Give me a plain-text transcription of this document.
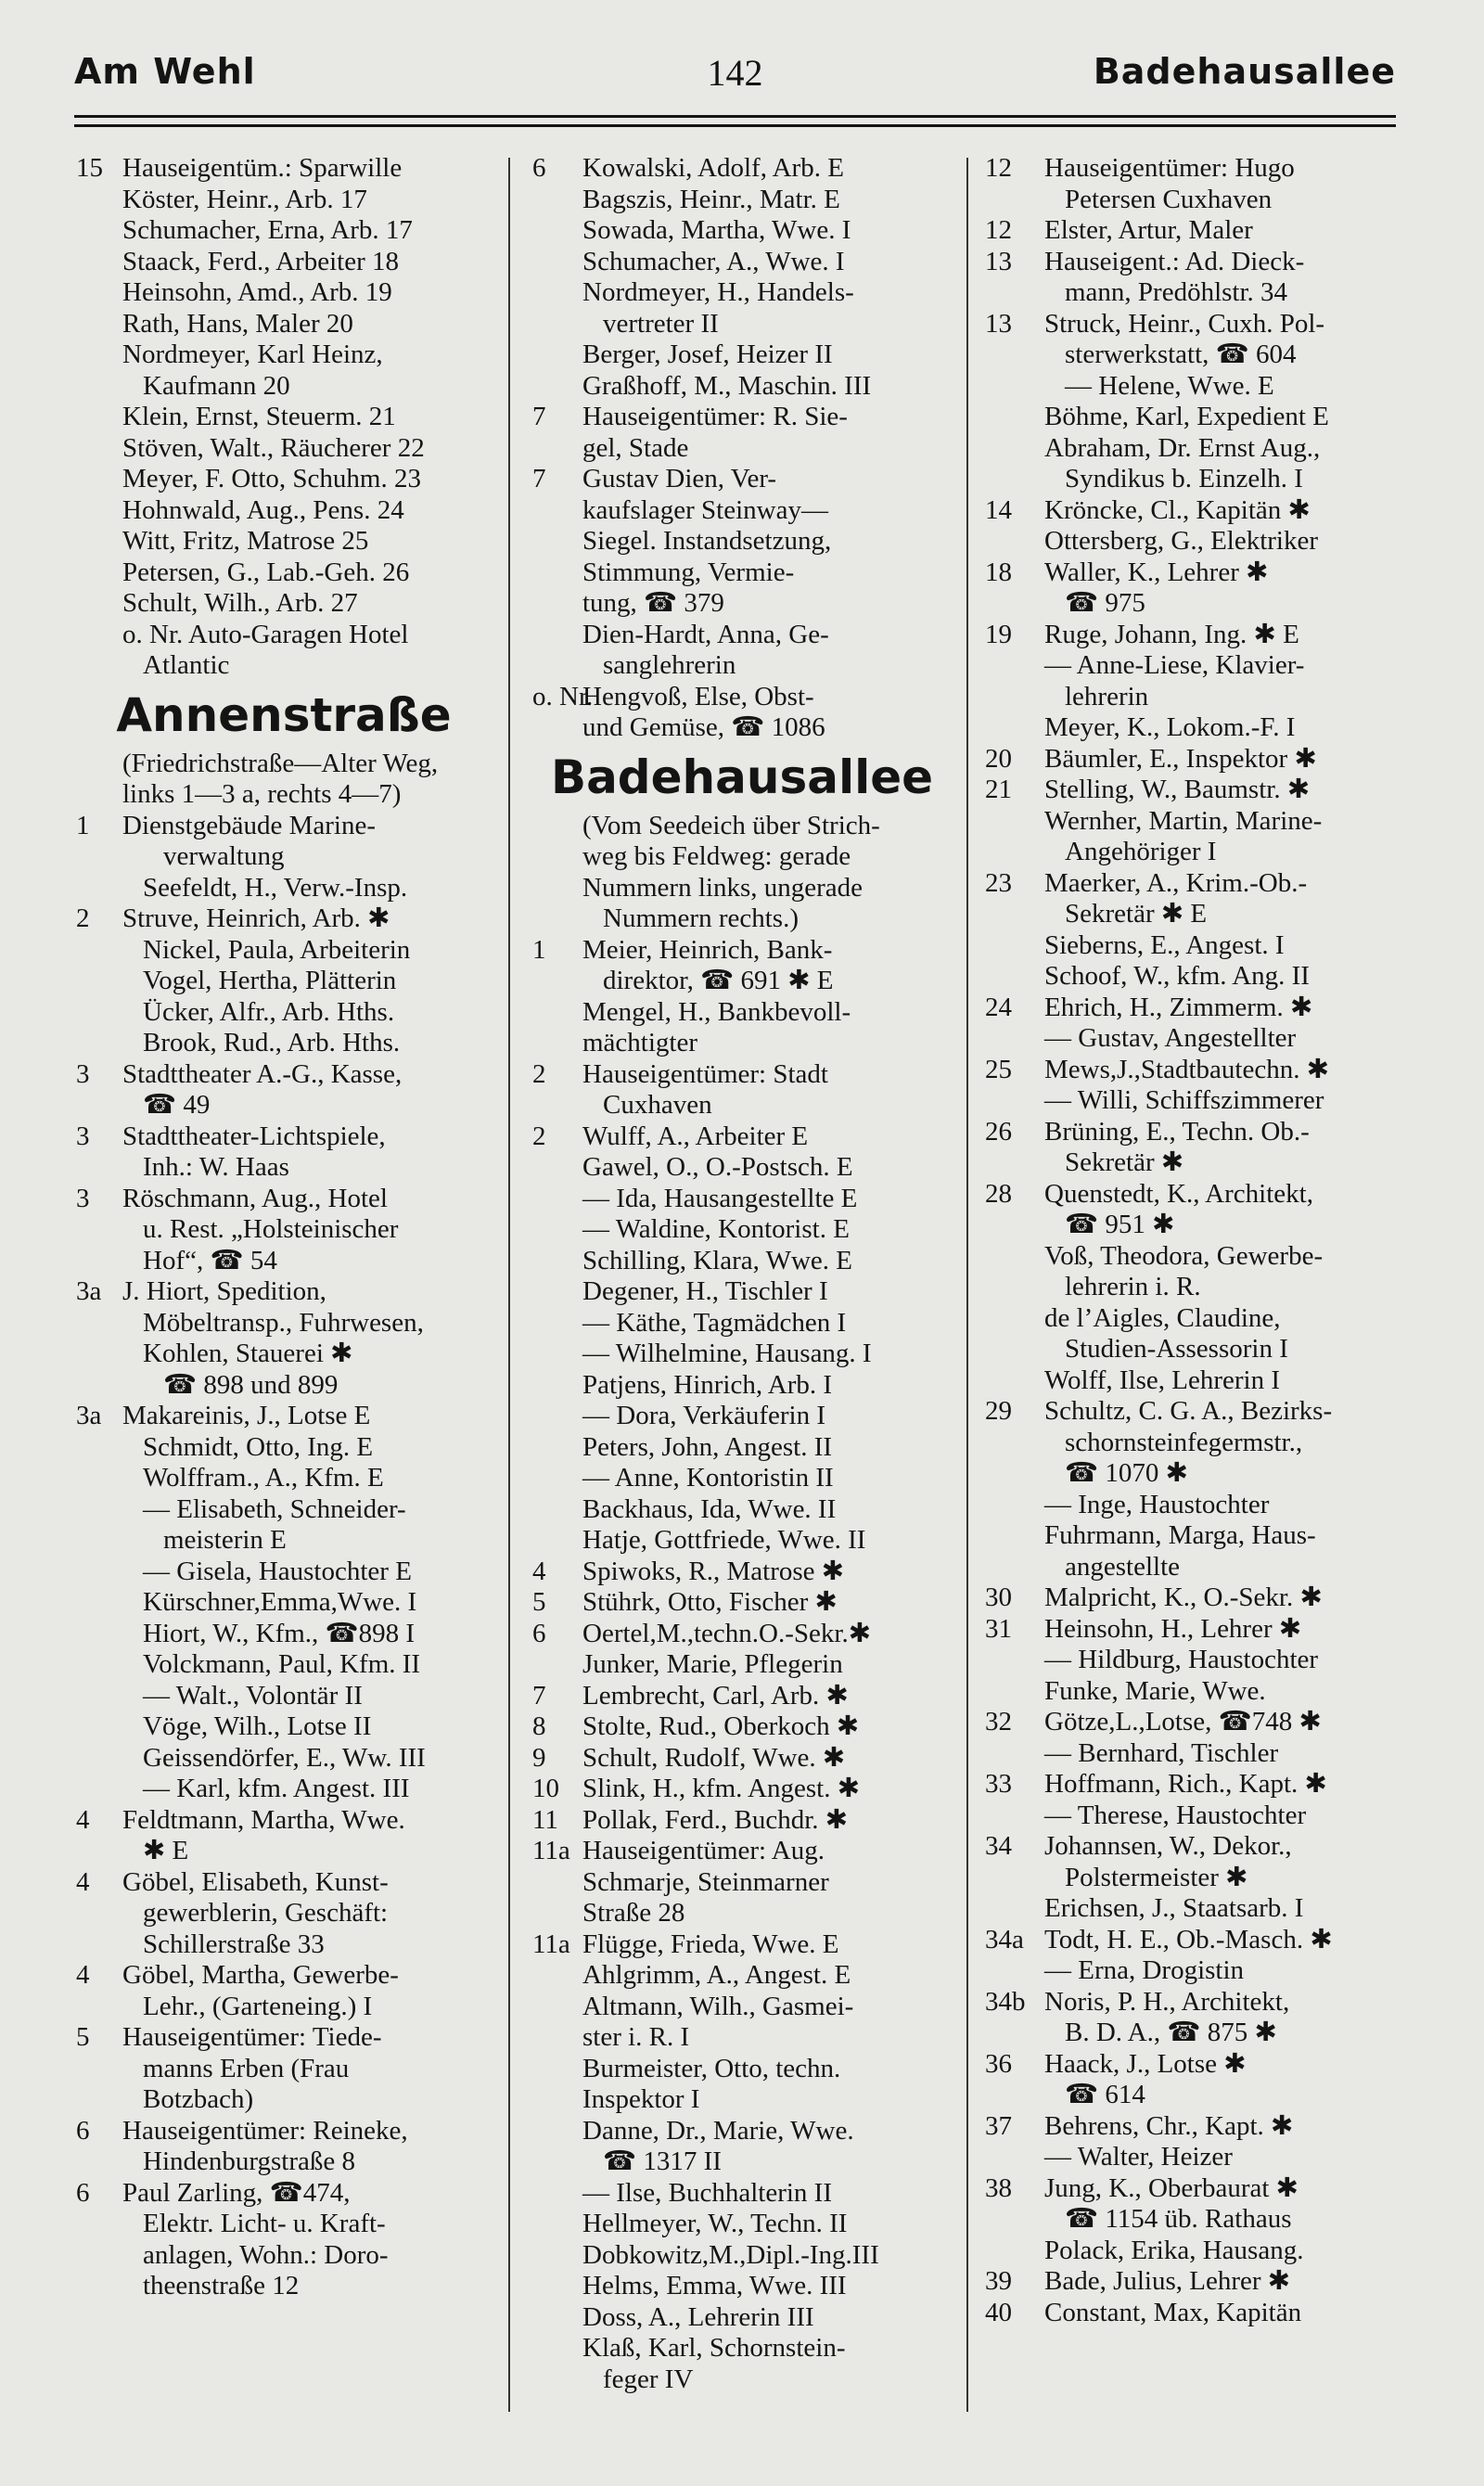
Am Wehl	142	Badehausallee
15 Hauseigentüm.: Sparwille
Köster, Heinr., Arb. 17
Schumacher, Erna, Arb. 17
Staack, Ferd., Arbeiter 18
Heinsohn, Amd., Arb. 19
Rath, Hans, Maler 20
Nordmeyer, Karl Heinz,
Kaufmann 20
Klein, Ernst, Steuerm. 21
Stöven, Walt., Räucherer 22
Meyer, F. Otto, Schuhm. 23
Hohnwald, Aug., Pens. 24
Witt, Fritz, Matrose 25
Petersen, G., Lab.-Geh. 26
Schult, Wilh., Arb. 27
o. Nr. Auto-Garagen Hotel
Atlantic
Annenstraße
(Friedrichstraße—Alter Weg,
links 1—3 a, rechts 4—7)
1 Dienstgebäude Marine-
verwaltung
Seefeldt, H., Verw.-Insp.
2 Struve, Heinrich, Arb. ✱
Nickel, Paula, Arbeiterin
Vogel, Hertha, Plätterin
Ücker, Alfr., Arb. Hths.
Brook, Rud., Arb. Hths.
3 Stadttheater A.-G., Kasse,
☎ 49
3 Stadttheater-Lichtspiele,
Inh.: W. Haas
3 Röschmann, Aug., Hotel
u. Rest. „Holsteinischer
Hof“, ☎ 54
3a J. Hiort, Spedition,
Möbeltransp., Fuhrwesen,
Kohlen, Stauerei ✱
☎ 898 und 899
3a Makareinis, J., Lotse E
Schmidt, Otto, Ing. E
Wolffram., A., Kfm. E
— Elisabeth, Schneider-
meisterin E
— Gisela, Haustochter E
Kürschner,Emma,Wwe. I
Hiort, W., Kfm., ☎898 I
Volckmann, Paul, Kfm. II
— Walt., Volontär II
Vöge, Wilh., Lotse II
Geissendörfer, E., Ww. III
— Karl, kfm. Angest. III
4 Feldtmann, Martha, Wwe.
✱ E
4 Göbel, Elisabeth, Kunst-
gewerblerin, Geschäft:
Schillerstraße 33
4 Göbel, Martha, Gewerbe-
Lehr., (Garteneing.) I
5 Hauseigentümer: Tiede-
manns Erben (Frau
Botzbach)
6 Hauseigentümer: Reineke,
Hindenburgstraße 8
6 Paul Zarling, ☎474,
Elektr. Licht- u. Kraft-
anlagen, Wohn.: Doro-
theenstraße 12
6 Kowalski, Adolf, Arb. E
Bagszis, Heinr., Matr. E
Sowada, Martha, Wwe. I
Schumacher, A., Wwe. I
Nordmeyer, H., Handels-
vertreter II
Berger, Josef, Heizer II
Graßhoff, M., Maschin. III
7 Hauseigentümer: R. Sie-
gel, Stade
7 Gustav Dien, Ver-
kaufslager Steinway—
Siegel. Instandsetzung,
Stimmung, Vermie-
tung, ☎ 379
Dien-Hardt, Anna, Ge-
sanglehrerin
o. Nr.
Hengvoß, Else, Obst-
und Gemüse, ☎ 1086
Badehausallee
(Vom Seedeich über Strich-
weg bis Feldweg: gerade
Nummern links, ungerade
Nummern rechts.)
1 Meier, Heinrich, Bank-
direktor, ☎ 691 ✱ E
Mengel, H., Bankbevoll-
mächtigter
2 Hauseigentümer: Stadt
Cuxhaven
2 Wulff, A., Arbeiter E
Gawel, O., O.-Postsch. E
— Ida, Hausangestellte E
— Waldine, Kontorist. E
Schilling, Klara, Wwe. E
Degener, H., Tischler I
— Käthe, Tagmädchen I
— Wilhelmine, Hausang. I
Patjens, Hinrich, Arb. I
— Dora, Verkäuferin I
Peters, John, Angest. II
— Anne, Kontoristin II
Backhaus, Ida, Wwe. II
Hatje, Gottfriede, Wwe. II
4 Spiwoks, R., Matrose ✱
5 Stührk, Otto, Fischer ✱
6 Oertel,M.,techn.O.-Sekr.✱
Junker, Marie, Pflegerin
7 Lembrecht, Carl, Arb. ✱
8 Stolte, Rud., Oberkoch ✱
9 Schult, Rudolf, Wwe. ✱
10 Slink, H., kfm. Angest. ✱
11 Pollak, Ferd., Buchdr. ✱
11a Hauseigentümer: Aug.
Schmarje, Steinmarner
Straße 28
11a Flügge, Frieda, Wwe. E
Ahlgrimm, A., Angest. E
Altmann, Wilh., Gasmei-
ster i. R. I
Burmeister, Otto, techn.
Inspektor I
Danne, Dr., Marie, Wwe.
☎ 1317 II
— Ilse, Buchhalterin II
Hellmeyer, W., Techn. II
Dobkowitz,M.,Dipl.-Ing.III
Helms, Emma, Wwe. III
Doss, A., Lehrerin III
Klaß, Karl, Schornstein-
feger IV
12 Hauseigentümer: Hugo
Petersen Cuxhaven
12 Elster, Artur, Maler
13 Hauseigent.: Ad. Dieck-
mann, Predöhlstr. 34
13 Struck, Heinr., Cuxh. Pol-
sterwerkstatt, ☎ 604
— Helene, Wwe. E
Böhme, Karl, Expedient E
Abraham, Dr. Ernst Aug.,
Syndikus b. Einzelh. I
14 Kröncke, Cl., Kapitän ✱
Ottersberg, G., Elektriker
18 Waller, K., Lehrer ✱
☎ 975
19 Ruge, Johann, Ing. ✱ E
— Anne-Liese, Klavier-
lehrerin
Meyer, K., Lokom.-F. I
20 Bäumler, E., Inspektor ✱
21 Stelling, W., Baumstr. ✱
Wernher, Martin, Marine-
Angehöriger I
23 Maerker, A., Krim.-Ob.-
Sekretär ✱ E
Sieberns, E., Angest. I
Schoof, W., kfm. Ang. II
24 Ehrich, H., Zimmerm. ✱
— Gustav, Angestellter
25 Mews,J.,Stadtbautechn. ✱
— Willi, Schiffszimmerer
26 Brüning, E., Techn. Ob.-
Sekretär ✱
28 Quenstedt, K., Architekt,
☎ 951 ✱
Voß, Theodora, Gewerbe-
lehrerin i. R.
de l’Aigles, Claudine,
Studien-Assessorin I
Wolff, Ilse, Lehrerin I
29 Schultz, C. G. A., Bezirks-
schornsteinfegermstr.,
☎ 1070 ✱
— Inge, Haustochter
Fuhrmann, Marga, Haus-
angestellte
30 Malpricht, K., O.-Sekr. ✱
31 Heinsohn, H., Lehrer ✱
— Hildburg, Haustochter
Funke, Marie, Wwe.
32 Götze,L.,Lotse, ☎748 ✱
— Bernhard, Tischler
33 Hoffmann, Rich., Kapt. ✱
— Therese, Haustochter
34 Johannsen, W., Dekor.,
Polstermeister ✱
Erichsen, J., Staatsarb. I
34a Todt, H. E., Ob.-Masch. ✱
— Erna, Drogistin
34b Noris, P. H., Architekt,
B. D. A., ☎ 875 ✱
36 Haack, J., Lotse ✱
☎ 614
37 Behrens, Chr., Kapt. ✱
— Walter, Heizer
38 Jung, K., Oberbaurat ✱
☎ 1154 üb. Rathaus
Polack, Erika, Hausang.
39 Bade, Julius, Lehrer ✱
40 Constant, Max, Kapitän
